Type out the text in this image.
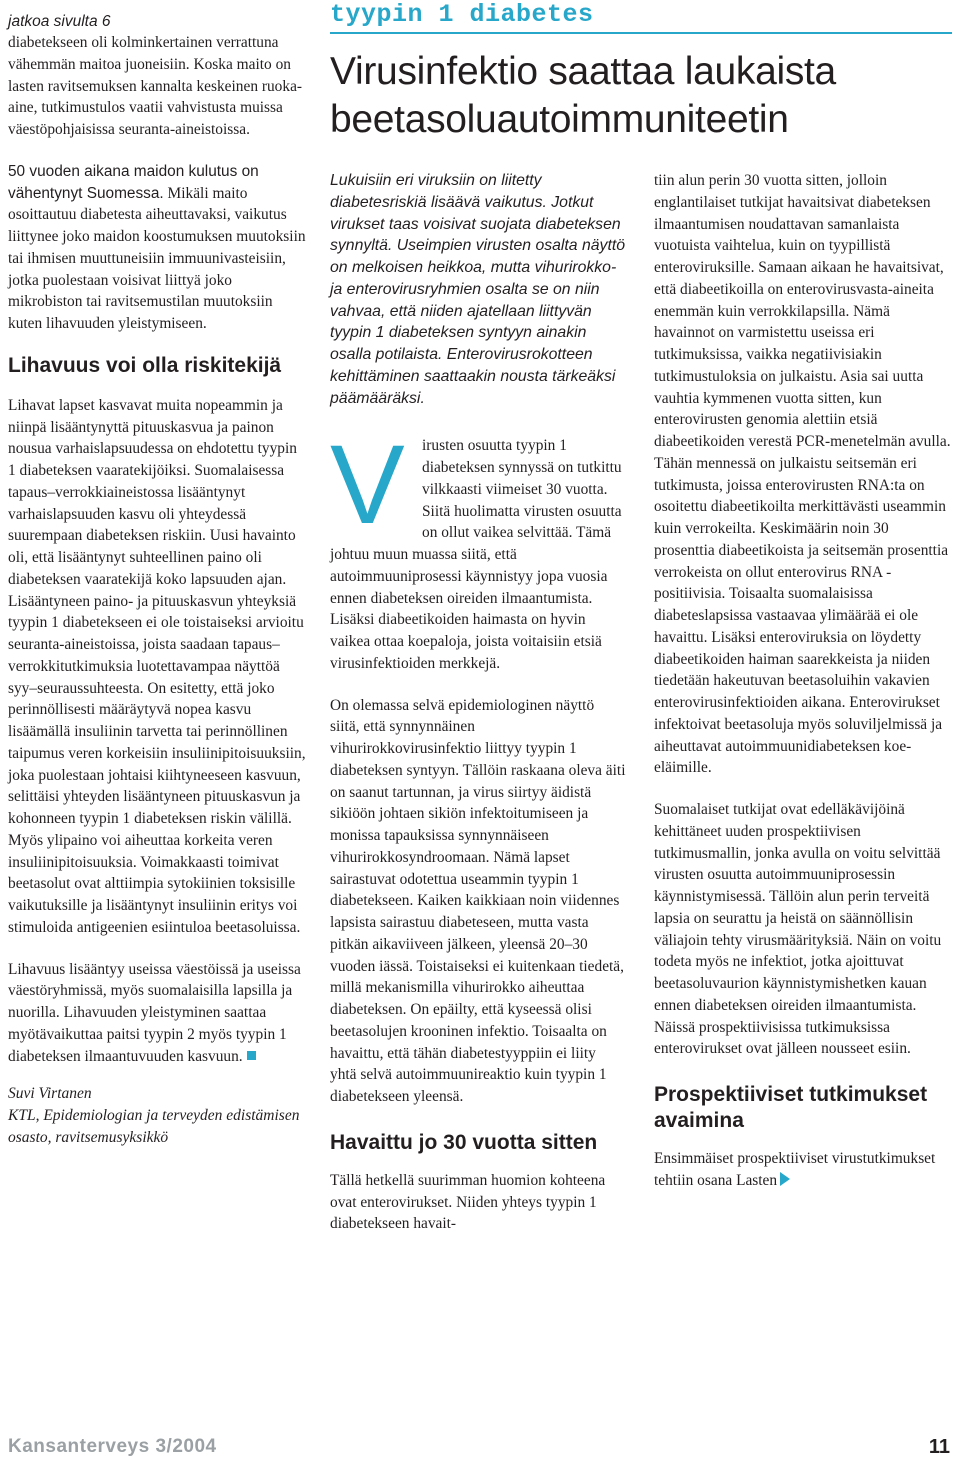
jatkoa sivulta 6

diabetekseen oli kolminkertainen verrattuna vähemmän maitoa juoneisiin. Koska maito on lasten ravitsemuksen kannalta keskeinen ruoka-aine, tutkimustulos vaatii vahvistusta muissa väestöpohjaisissa seuranta-aineistoissa.

50 vuoden aikana maidon kulutus on vähentynyt Suomessa. Mikäli maito osoittautuu diabetesta aiheuttavaksi, vaikutus liittynee joko maidon koostumuksen muutoksiin tai ihmisen muuttuneisiin immuunivasteisiin, jotka puolestaan voisivat liittyä joko mikrobiston tai ravitsemustilan muutoksiin kuten lihavuuden yleistymiseen.

Lihavuus voi olla riskitekijä

Lihavat lapset kasvavat muita nopeammin ja niinpä lisääntynyttä pituuskasvua ja painon nousua varhaislapsuudessa on ehdotettu tyypin 1 diabeteksen vaaratekijöiksi. Suomalaisessa tapaus–verrokkiaineistossa lisääntynyt varhaislapsuuden kasvu oli yhteydessä suurempaan diabeteksen riskiin. Uusi havainto oli, että lisääntynyt suhteellinen paino oli diabeteksen vaaratekijä koko lapsuuden ajan. Lisääntyneen paino- ja pituuskasvun yhteyksiä tyypin 1 diabetekseen ei ole toistaiseksi arvioitu seuranta-aineistoissa, joista saadaan tapaus–verrokkitutkimuksia luotettavampaa näyttöä syy–seuraussuhteesta. On esitetty, että joko perinnöllisesti määräytyvä nopea kasvu lisäämällä insuliinin tarvetta tai perinnöllinen taipumus veren korkeisiin insuliinipitoisuuksiin, joka puolestaan johtaisi kiihtyneeseen kasvuun, selittäisi yhteyden lisääntyneen pituuskasvun ja kohonneen tyypin 1 diabeteksen riskin välillä. Myös ylipaino voi aiheuttaa korkeita veren insuliinipitoisuuksia. Voimakkaasti toimivat beetasolut ovat alttiimpia sytokiinien toksisille vaikutuksille ja lisääntynyt insuliinin eritys voi stimuloida antigeenien esiintuloa beetasoluissa.

Lihavuus lisääntyy useissa väestöissä ja useissa väestöryhmissä, myös suomalaisilla lapsilla ja nuorilla. Lihavuuden yleistyminen saattaa myötävaikuttaa paitsi tyypin 2 myös tyypin 1 diabeteksen ilmaantuvuuden kasvuun.

Suvi Virtanen
KTL, Epidemiologian ja terveyden edistämisen osasto, ravitsemusyksikkö
tyypin 1 diabetes
Virusinfektio saattaa laukaista beetasoluautoimmuniteetin

Lukuisiin eri viruksiin on liitetty diabetesriskiä lisäävä vaikutus. Jotkut virukset taas voisivat suojata diabeteksen synnyltä. Useimpien virusten osalta näyttö on melkoisen heikkoa, mutta vihurirokko- ja enterovirusryhmien osalta se on niin vahvaa, että niiden ajatellaan liittyvän tyypin 1 diabeteksen syntyyn ainakin osalla potilaista. Enterovirusrokotteen kehittäminen saattaakin nousta tärkeäksi päämääräksi.

V	irusten osuutta tyypin 1 diabeteksen synnyssä on tutkittu vilkkaasti viimeiset 30 vuotta. Siitä huolimatta virusten osuutta on ollut vaikea selvittää. Tämä johtuu muun muassa siitä, että autoimmuuniprosessi käynnistyy jopa vuosia ennen diabeteksen oireiden ilmaantumista. Lisäksi diabeetikoiden haimasta on hyvin vaikea ottaa koepaloja, joista voitaisiin etsiä virusinfektioiden merkkejä.

On olemassa selvä epidemiologinen näyttö siitä, että synnynnäinen vihurirokkovirusinfektio liittyy tyypin 1 diabeteksen syntyyn. Tällöin raskaana oleva äiti on saanut tartunnan, ja virus siirtyy äidistä sikiöön johtaen sikiön infektoitumiseen ja monissa tapauksissa synnynnäiseen vihurirokkosyndroomaan. Nämä lapset sairastuvat odotettua useammin tyypin 1 diabetekseen. Kaiken kaikkiaan noin viidennes lapsista sairastuu diabeteseen, mutta vasta pitkän aikaviiveen jälkeen, yleensä 20–30 vuoden iässä. Toistaiseksi ei kuitenkaan tiedetä, millä mekanismilla vihurirokko aiheuttaa diabeteksen. On epäilty, että kyseessä olisi beetasolujen krooninen infektio. Toisaalta on havaittu, että tähän diabetestyyppiin ei liity yhtä selvä autoimmuunireaktio kuin tyypin 1 diabetekseen yleensä.

Havaittu jo 30 vuotta sitten

Tällä hetkellä suurimman huomion kohteena ovat enterovirukset. Niiden yhteys tyypin 1 diabetekseen havait-

tiin alun perin 30 vuotta sitten, jolloin englantilaiset tutkijat havaitsivat diabeteksen ilmaantumisen noudattavan samanlaista vuotuista vaihtelua, kuin on tyypillistä enteroviruksille. Samaan aikaan he havaitsivat, että diabeetikoilla on enterovirusvasta-aineita enemmän kuin verrokkilapsilla. Nämä havainnot on varmistettu useissa eri tutkimuksissa, vaikka negatiivisiakin tutkimustuloksia on julkaistu. Asia sai uutta vauhtia kymmenen vuotta sitten, kun enterovirusten genomia alettiin etsiä diabeetikoiden verestä PCR-menetelmän avulla. Tähän mennessä on julkaistu seitsemän eri tutkimusta, joissa enterovirusten RNA:ta on osoitettu diabeetikoilta merkittävästi useammin kuin verrokeilta. Keskimäärin noin 30 prosenttia diabeetikoista ja seitsemän prosenttia verrokeista on ollut enterovirus RNA -positiivisia. Toisaalta suomalaisissa diabeteslapsissa vastaavaa ylimäärää ei ole havaittu. Lisäksi enteroviruksia on löydetty diabeetikoiden haiman saarekkeista ja niiden tiedetään hakeutuvan beetasoluihin vakavien enterovirusinfektioiden aikana. Enterovirukset infektoivat beetasoluja myös soluviljelmissä ja aiheuttavat autoimmuunidiabeteksen koe-eläimille.

Suomalaiset tutkijat ovat edelläkävijöinä kehittäneet uuden prospektiivisen tutkimusmallin, jonka avulla on voitu selvittää virusten osuutta autoimmuuniprosessin käynnistymisessä. Tällöin alun perin terveitä lapsia on seurattu ja heistä on säännöllisin väliajoin tehty virusmäärityksiä. Näin on voitu todeta myös ne infektiot, jotka ajoittuvat beetasoluvaurion käynnistymishetken kauan ennen diabeteksen oireiden ilmaantumista. Näissä prospektiivisissa tutkimuksissa enterovirukset ovat jälleen nousseet esiin.

Prospektiiviset tutkimukset avaimina

Ensimmäiset prospektiiviset virustutkimukset tehtiin osana Lasten

Kansanterveys 3/2004	11
